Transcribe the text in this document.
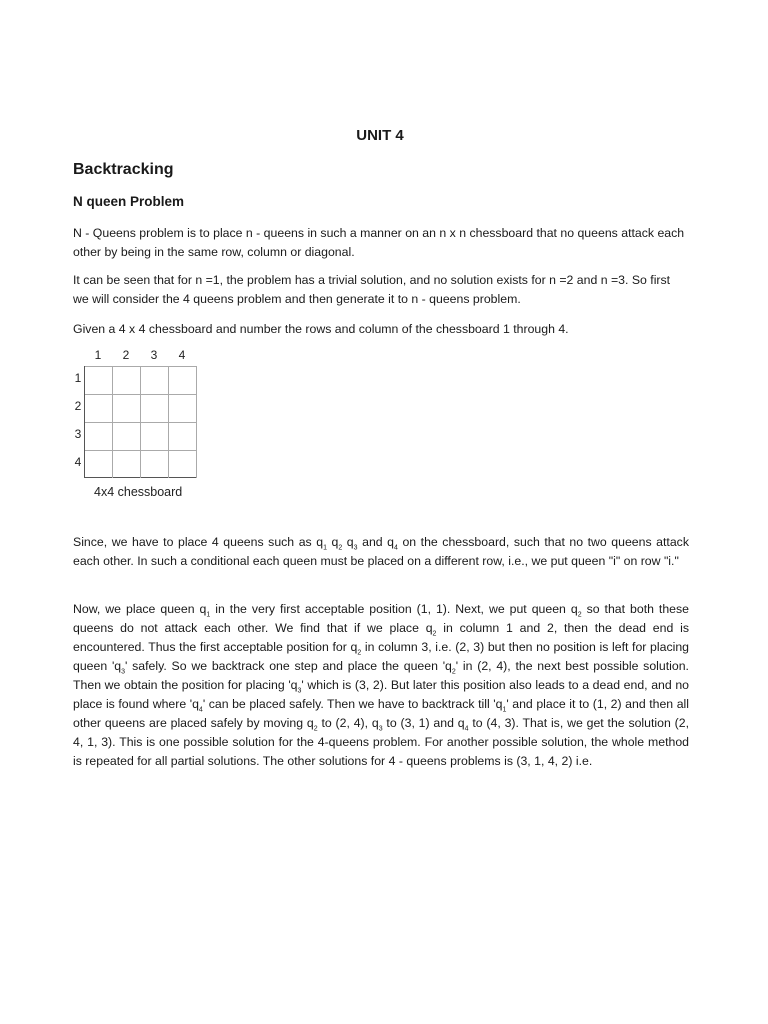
UNIT 4
Backtracking
N queen Problem

N - Queens problem is to place n - queens in such a manner on an n x n chessboard that no queens attack each other by being in the same row, column or diagonal.

It can be seen that for n =1, the problem has a trivial solution, and no solution exists for n =2 and n =3. So first we will consider the 4 queens problem and then generate it to n - queens problem.

Given a 4 x 4 chessboard and number the rows and column of the chessboard 1 through 4.

1	2	3	4
1
2
3
4
4x4 chessboard

Since, we have to place 4 queens such as $q_1$ $q_2$ $q_3$ and $q_4$ on the chessboard, such that no two queens attack each other. In such a conditional each queen must be placed on a different row, i.e., we put queen "i" on row "i."

Now, we place queen $q_1$ in the very first acceptable position (1, 1). Next, we put queen $q_2$ so that both these queens do not attack each other. We find that if we place $q_2$ in column 1 and 2, then the dead end is encountered. Thus the first acceptable position for $q_2$ in column 3, i.e. (2, 3) but then no position is left for placing queen '$q_3$' safely. So we backtrack one step and place the queen '$q_2$' in (2, 4), the next best possible solution. Then we obtain the position for placing '$q_3$' which is (3, 2). But later this position also leads to a dead end, and no place is found where '$q_4$' can be placed safely. Then we have to backtrack till '$q_1$' and place it to (1, 2) and then all other queens are placed safely by moving $q_2$ to (2, 4), $q_3$ to (3, 1) and $q_4$ to (4, 3). That is, we get the solution (2, 4, 1, 3). This is one possible solution for the 4-queens problem. For another possible solution, the whole method is repeated for all partial solutions. The other solutions for 4 - queens problems is (3, 1, 4, 2) i.e.
